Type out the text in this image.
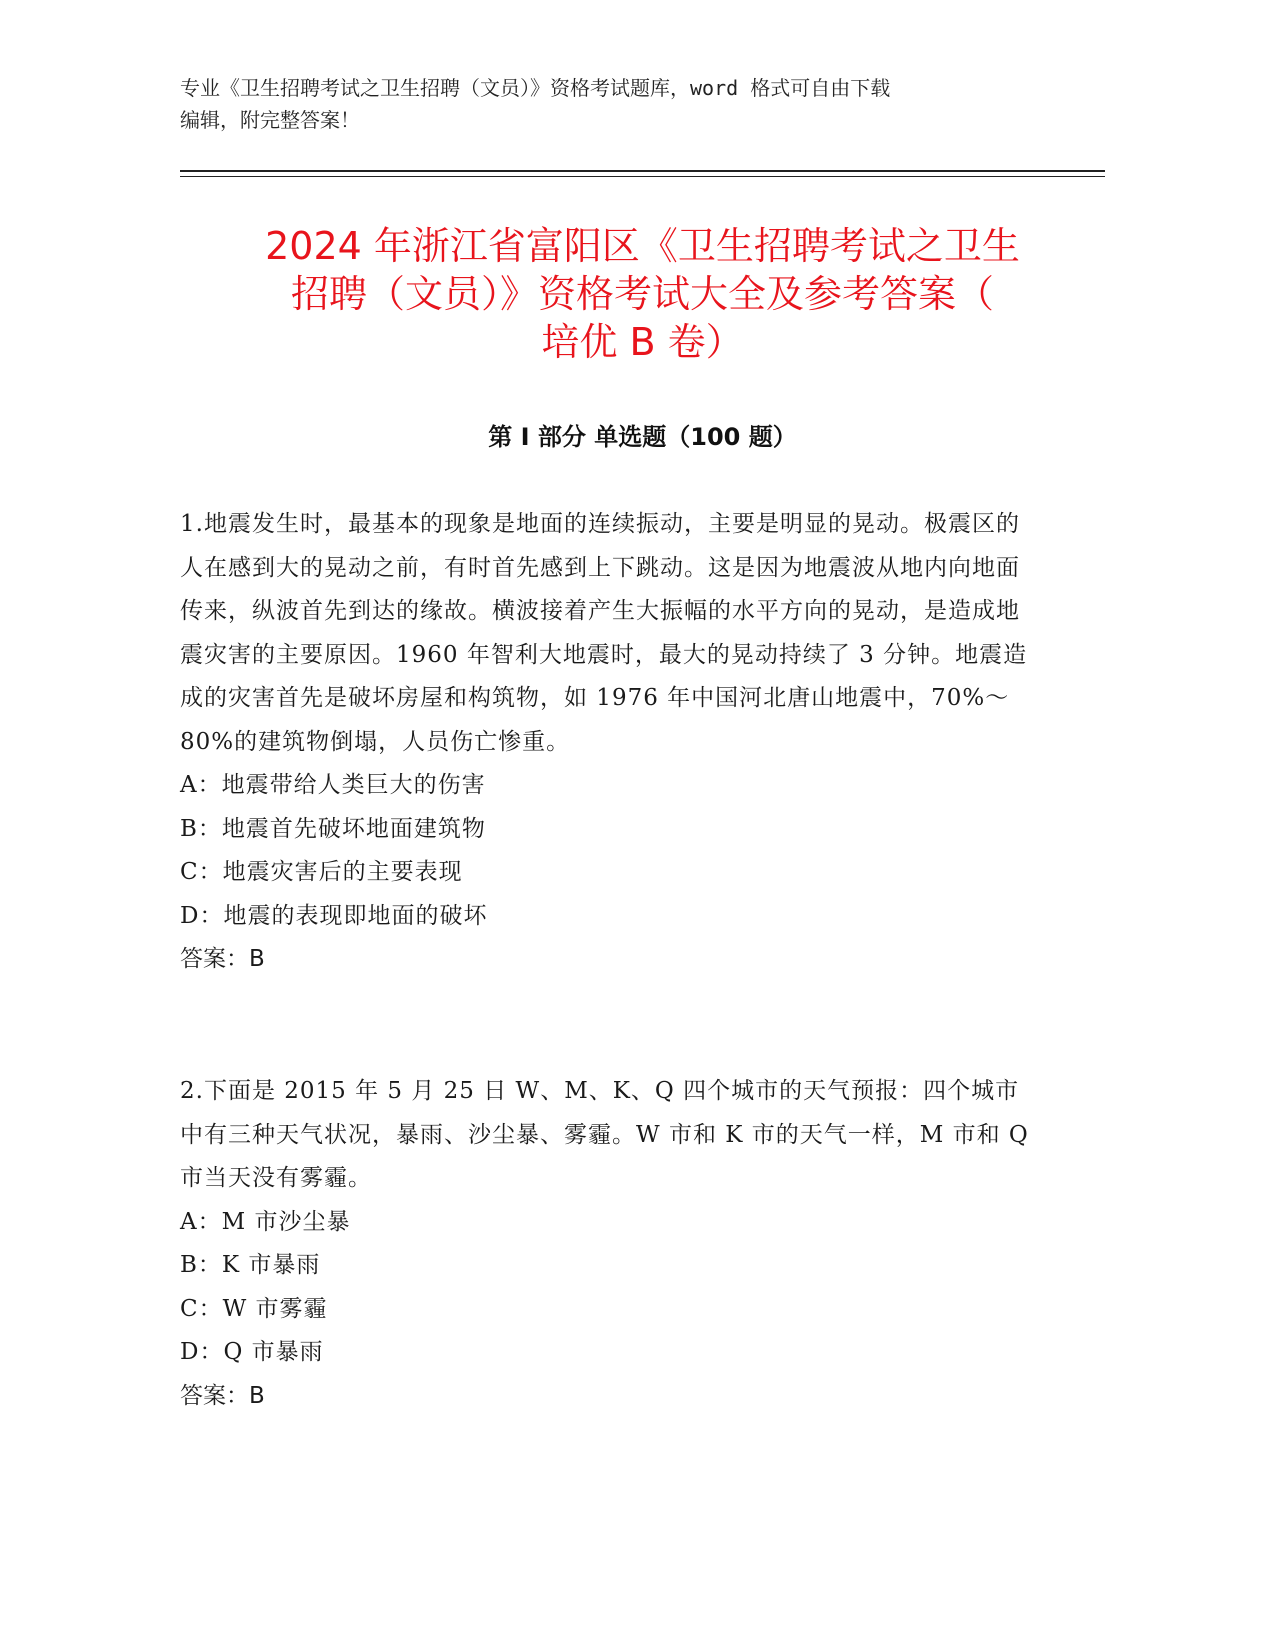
专业《卫生招聘考试之卫生招聘（文员）》资格考试题库，word 格式可自由下载
编辑，附完整答案！
2024 年浙江省富阳区《卫生招聘考试之卫生
招聘（文员）》资格考试大全及参考答案（
培优 B 卷）
第 I 部分 单选题（100 题）

1.地震发生时，最基本的现象是地面的连续振动，主要是明显的晃动。极震区的人在感到大的晃动之前，有时首先感到上下跳动。这是因为地震波从地内向地面传来，纵波首先到达的缘故。横波接着产生大振幅的水平方向的晃动，是造成地震灾害的主要原因。1960 年智利大地震时，最大的晃动持续了 3 分钟。地震造成的灾害首先是破坏房屋和构筑物，如 1976 年中国河北唐山地震中，70%～80%的建筑物倒塌，人员伤亡惨重。

A：地震带给人类巨大的伤害

B：地震首先破坏地面建筑物

C：地震灾害后的主要表现

D：地震的表现即地面的破坏

答案：B

2.下面是 2015 年 5 月 25 日 W、M、K、Q 四个城市的天气预报：四个城市中有三种天气状况，暴雨、沙尘暴、雾霾。W 市和 K 市的天气一样，M 市和 Q 市当天没有雾霾。

A：M 市沙尘暴

B：K 市暴雨

C：W 市雾霾

D：Q 市暴雨

答案：B
